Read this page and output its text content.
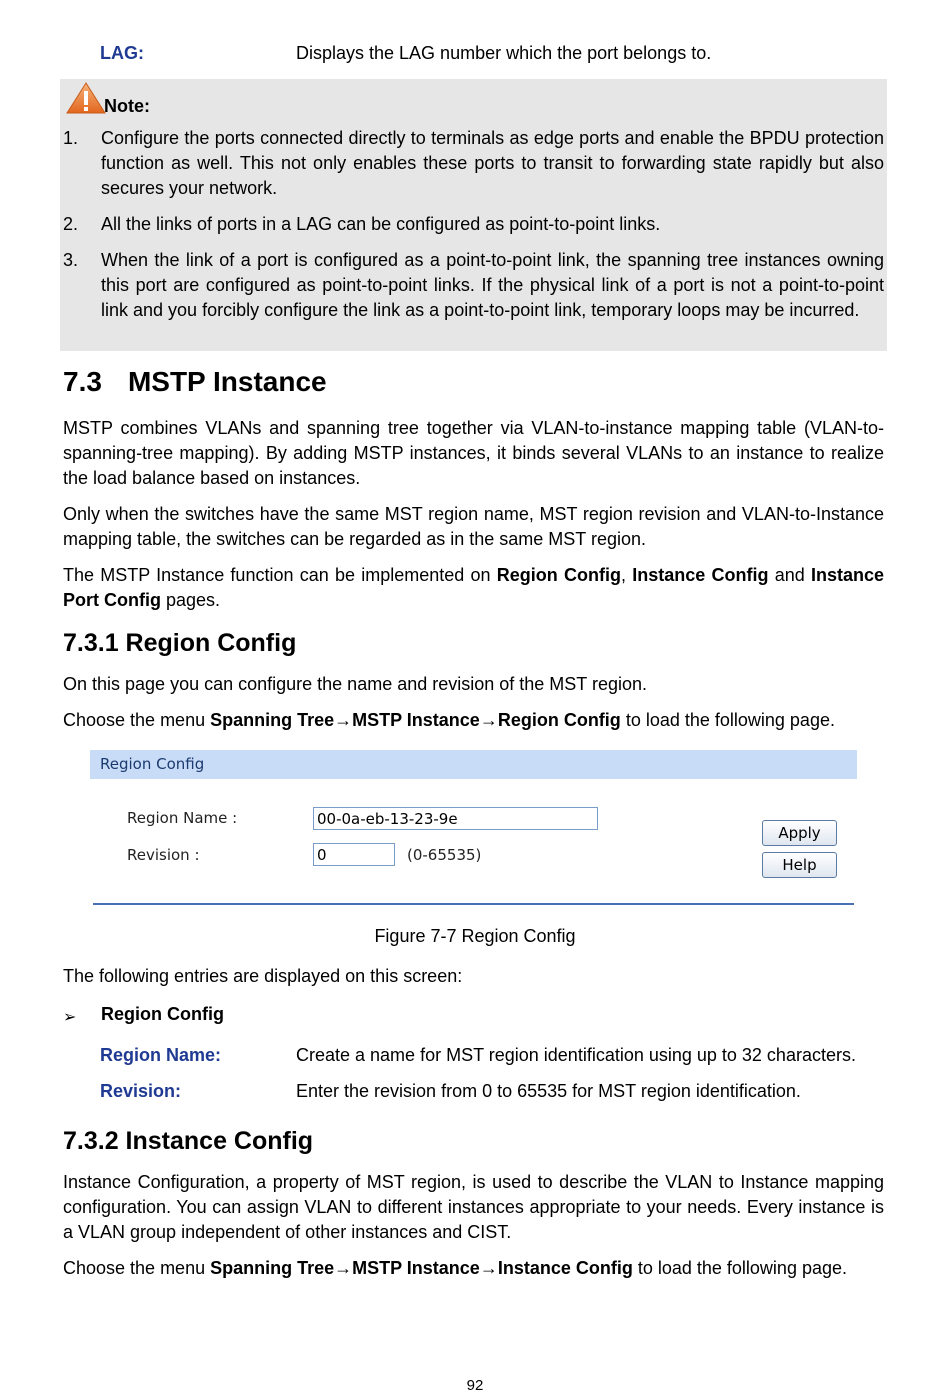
LAG:	Displays the LAG number which the port belongs to.
Note:
1. Configure the ports connected directly to terminals as edge ports and enable the BPDU protection function as well. This not only enables these ports to transit to forwarding state rapidly but also secures your network.
2. All the links of ports in a LAG can be configured as point-to-point links.
3. When the link of a port is configured as a point-to-point link, the spanning tree instances owning this port are configured as point-to-point links. If the physical link of a port is not a point-to-point link and you forcibly configure the link as a point-to-point link, temporary loops may be incurred.
7.3 MSTP Instance
MSTP combines VLANs and spanning tree together via VLAN-to-instance mapping table (VLAN-to-spanning-tree mapping). By adding MSTP instances, it binds several VLANs to an instance to realize the load balance based on instances.
Only when the switches have the same MST region name, MST region revision and VLAN-to-Instance mapping table, the switches can be regarded as in the same MST region.
The MSTP Instance function can be implemented on Region Config, Instance Config and Instance Port Config pages.
7.3.1 Region Config
On this page you can configure the name and revision of the MST region.
Choose the menu Spanning Tree→MSTP Instance→Region Config to load the following page.
Region Config
Region Name :
00-0a-eb-13-23-9e
Revision :
0	(0-65535)
Apply
Help
Figure 7-7 Region Config
The following entries are displayed on this screen:
➢ Region Config
Region Name:	Create a name for MST region identification using up to 32 characters.
Revision:	Enter the revision from 0 to 65535 for MST region identification.
7.3.2 Instance Config
Instance Configuration, a property of MST region, is used to describe the VLAN to Instance mapping configuration. You can assign VLAN to different instances appropriate to your needs. Every instance is a VLAN group independent of other instances and CIST.
Choose the menu Spanning Tree→MSTP Instance→Instance Config to load the following page.
92
